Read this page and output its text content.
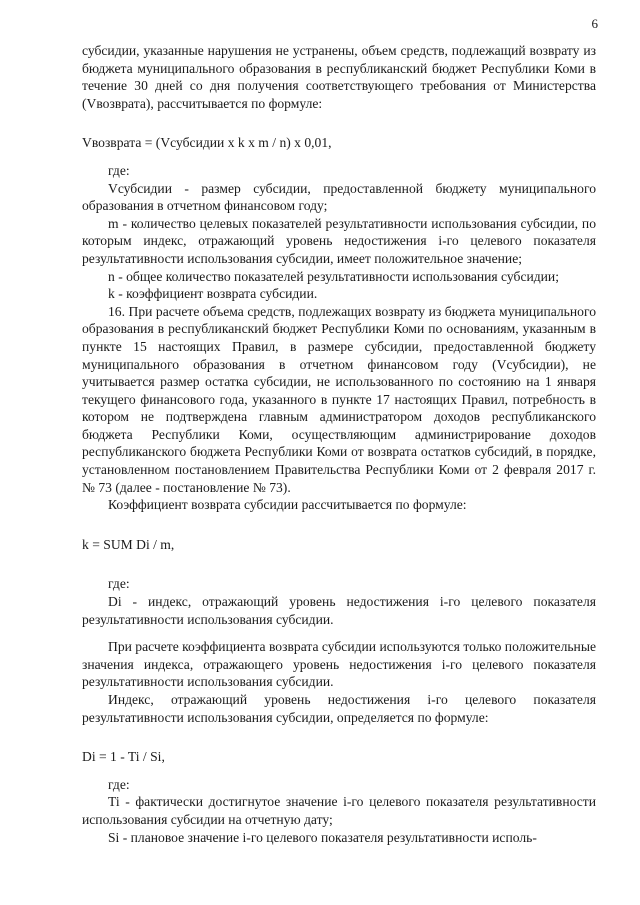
6

субсидии, указанные нарушения не устранены, объем средств, подлежащий возврату из бюджета муниципального образования в республиканский бюджет Республики Коми в течение 30 дней со дня получения соответствующего требования от Министерства (Vвозврата), рассчитывается по формуле:

Vвозврата = (Vсубсидии x k x m / n) x 0,01,

где:

Vсубсидии - размер субсидии, предоставленной бюджету муниципального образования в отчетном финансовом году;

m - количество целевых показателей результативности использования субсидии, по которым индекс, отражающий уровень недостижения i-го целевого показателя результативности использования субсидии, имеет положительное значение;

n - общее количество показателей результативности использования субсидии;

k - коэффициент возврата субсидии.

16. При расчете объема средств, подлежащих возврату из бюджета муниципального образования в республиканский бюджет Республики Коми по основаниям, указанным в пункте 15 настоящих Правил, в размере субсидии, предоставленной бюджету муниципального образования в отчетном финансовом году (Vсубсидии), не учитывается размер остатка субсидии, не использованного по состоянию на 1 января текущего финансового года, указанного в пункте 17 настоящих Правил, потребность в котором не подтверждена главным администратором доходов республиканского бюджета Республики Коми, осуществляющим администрирование доходов республиканского бюджета Республики Коми от возврата остатков субсидий, в порядке, установленном постановлением Правительства Республики Коми от 2 февраля 2017 г. № 73 (далее - постановление № 73).

Коэффициент возврата субсидии рассчитывается по формуле:

k = SUM Di / m,

где:

Di - индекс, отражающий уровень недостижения i-го целевого показателя результативности использования субсидии.

При расчете коэффициента возврата субсидии используются только положительные значения индекса, отражающего уровень недостижения i-го целевого показателя результативности использования субсидии.

Индекс, отражающий уровень недостижения i-го целевого показателя результативности использования субсидии, определяется по формуле:

Di = 1 - Ti / Si,

где:

Ti - фактически достигнутое значение i-го целевого показателя результативности использования субсидии на отчетную дату;

Si - плановое значение i-го целевого показателя результативности исполь-
